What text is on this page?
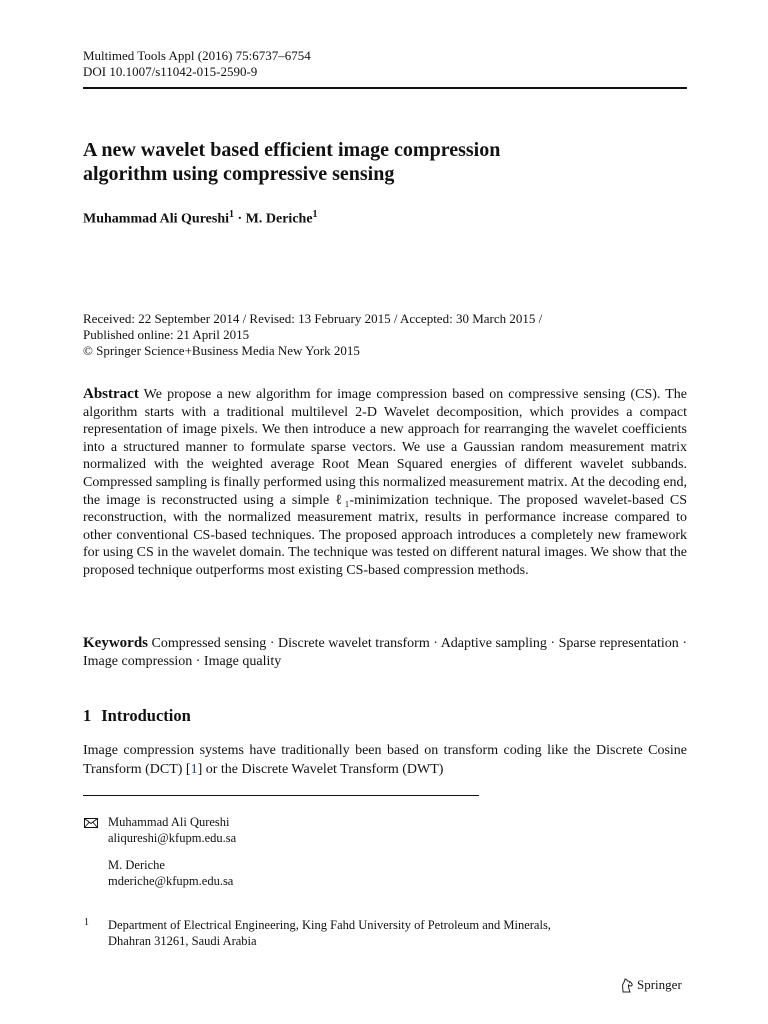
Multimed Tools Appl (2016) 75:6737–6754
DOI 10.1007/s11042-015-2590-9
A new wavelet based efficient image compression
algorithm using compressive sensing
Muhammad Ali Qureshi$^1$ · M. Deriche$^1$
Received: 22 September 2014 / Revised: 13 February 2015 / Accepted: 30 March 2015 /
Published online: 21 April 2015
© Springer Science+Business Media New York 2015
Abstract We propose a new algorithm for image compression based on compressive sensing (CS). The algorithm starts with a traditional multilevel 2-D Wavelet decomposition, which provides a compact representation of image pixels. We then introduce a new approach for rearranging the wavelet coefficients into a structured manner to formulate sparse vectors. We use a Gaussian random measurement matrix normalized with the weighted average Root Mean Squared energies of different wavelet subbands. Compressed sampling is finally performed using this normalized measurement matrix. At the decoding end, the image is reconstructed using a simple ℓ₁-minimization technique. The proposed wavelet-based CS reconstruction, with the normalized measurement matrix, results in performance increase compared to other conventional CS-based techniques. The proposed approach introduces a completely new framework for using CS in the wavelet domain. The technique was tested on different natural images. We show that the proposed technique outperforms most existing CS-based compression methods.
Keywords Compressed sensing · Discrete wavelet transform · Adaptive sampling · Sparse representation · Image compression · Image quality
1 Introduction
Image compression systems have traditionally been based on transform coding like the Discrete Cosine Transform (DCT) [1] or the Discrete Wavelet Transform (DWT)
Muhammad Ali Qureshi
aliqureshi@kfupm.edu.sa
M. Deriche
mderiche@kfupm.edu.sa
1 Department of Electrical Engineering, King Fahd University of Petroleum and Minerals,
Dhahran 31261, Saudi Arabia
Springer
